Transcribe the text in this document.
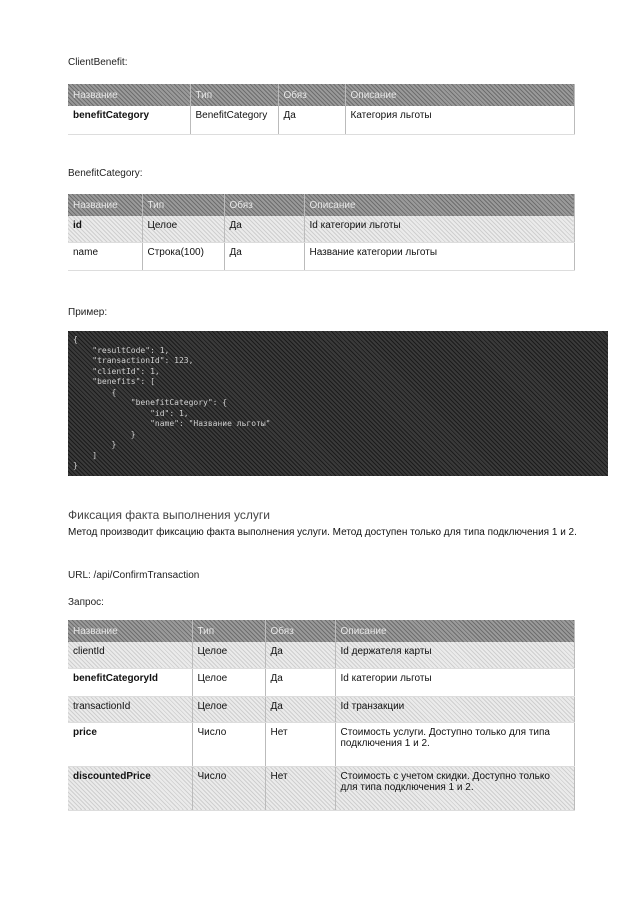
ClientBenefit:
Название	Тип	Обяз	Описание
benefitCategory	BenefitCategory	Да	Категория льготы
BenefitCategory:
Название	Тип	Обяз	Описание
id	Целое	Да	Id категории льготы
name	Строка(100)	Да	Название категории льготы
Пример:
{
"resultCode": 1,
"transactionId": 123,
"clientId": 1,
"benefits": [
{
"benefitCategory": {
"id": 1,
"name": "Название льготы"
}
}
]
}
Фиксация факта выполнения услуги
Метод производит фиксацию факта выполнения услуги. Метод доступен только для типа подключения 1 и 2.
URL: /api/ConfirmTransaction
Запрос:
Название	Тип	Обяз	Описание
clientId	Целое	Да	Id держателя карты
benefitCategoryId	Целое	Да	Id категории льготы
transactionId	Целое	Да	Id транзакции
price	Число	Нет	Стоимость услуги. Доступно только для типа подключения 1 и 2.
discountedPrice	Число	Нет	Стоимость с учетом скидки. Доступно только для типа подключения 1 и 2.
